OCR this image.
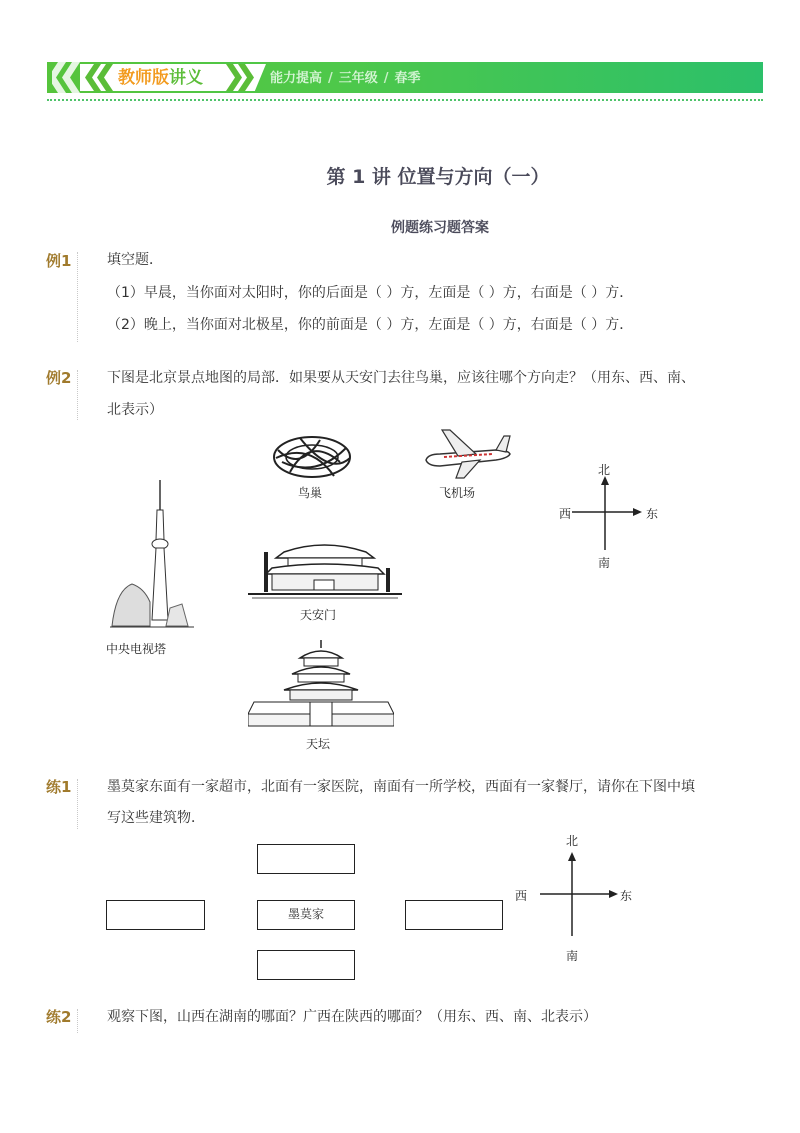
教师版讲义	能力提高 / 三年级 / 春季
第 1 讲 位置与方向（一）
例题练习题答案
例1	填空题．
（1）早晨，当你面对太阳时，你的后面是（ ）方，左面是（ ）方，右面是（ ）方．
（2）晚上，当你面对北极星，你的前面是（ ）方，左面是（ ）方，右面是（ ）方．
例2	下图是北京景点地图的局部．如果要从天安门去往鸟巢，应该往哪个方向走？（用东、西、南、
北表示）
鸟巢	飞机场
北
南
西	东
中央电视塔
天安门
天坛
练1	墨莫家东面有一家超市，北面有一家医院，南面有一所学校，西面有一家餐厅，请你在下图中填
写这些建筑物．
墨莫家
北
南
西	东
练2	观察下图，山西在湖南的哪面？广西在陕西的哪面？（用东、西、南、北表示）
